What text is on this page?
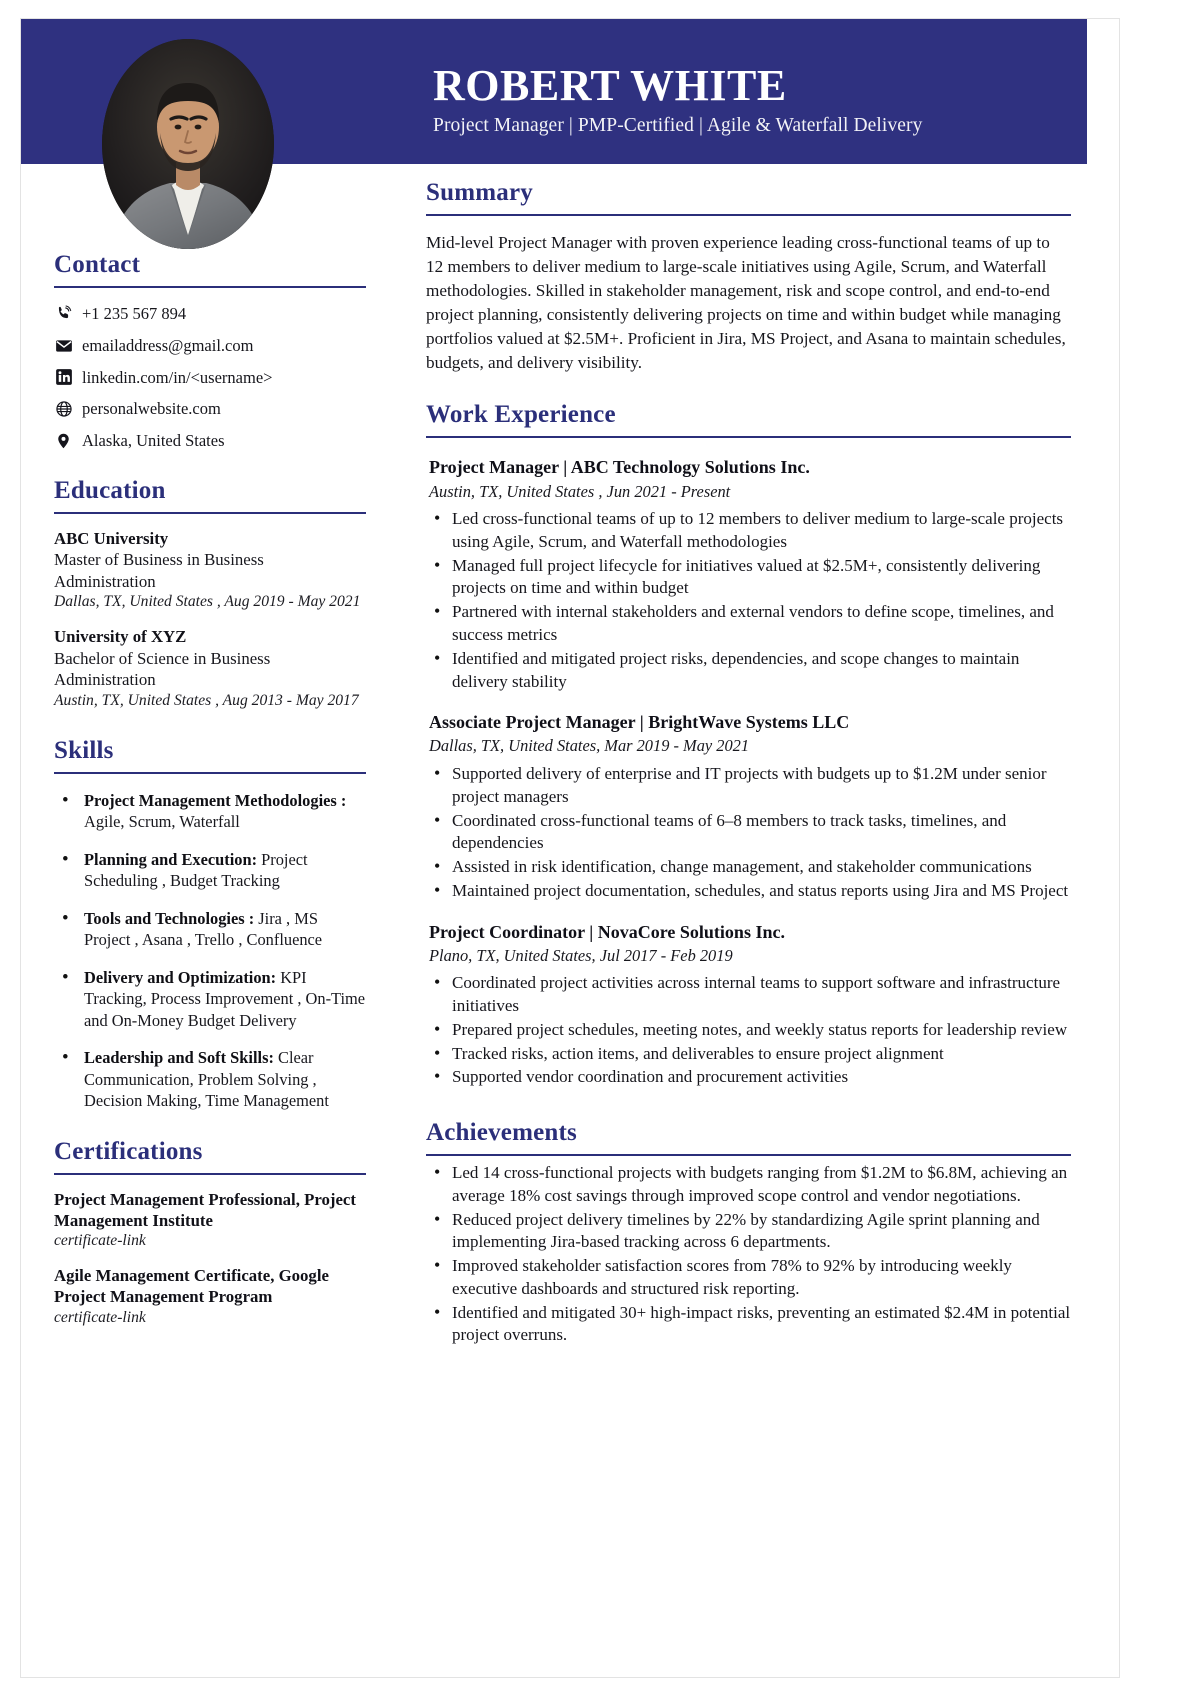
ROBERT WHITE
Project Manager | PMP-Certified | Agile & Waterfall Delivery
Contact
+1 235 567 894
emailaddress@gmail.com
linkedin.com/in/<username>
personalwebsite.com
Alaska, United States
Education
ABC University
Master of Business in Business Administration
Dallas, TX, United States , Aug 2019 - May 2021
University of XYZ
Bachelor of Science in Business Administration
Austin, TX, United States , Aug 2013 - May 2017
Skills
• Project Management Methodologies : Agile, Scrum, Waterfall
• Planning and Execution: Project Scheduling , Budget Tracking
• Tools and Technologies : Jira , MS Project , Asana , Trello , Confluence
• Delivery and Optimization: KPI Tracking, Process Improvement , On-Time and On-Money Budget Delivery
• Leadership and Soft Skills: Clear Communication, Problem Solving , Decision Making, Time Management
Certifications
Project Management Professional, Project Management Institute
certificate-link
Agile Management Certificate, Google Project Management Program
certificate-link
Summary

Mid-level Project Manager with proven experience leading cross-functional teams of up to 12 members to deliver medium to large-scale initiatives using Agile, Scrum, and Waterfall methodologies. Skilled in stakeholder management, risk and scope control, and end-to-end project planning, consistently delivering projects on time and within budget while managing portfolios valued at $2.5M+. Proficient in Jira, MS Project, and Asana to maintain schedules, budgets, and delivery visibility.

Work Experience
Project Manager | ABC Technology Solutions Inc.
Austin, TX, United States , Jun 2021 - Present
• Led cross-functional teams of up to 12 members to deliver medium to large-scale projects using Agile, Scrum, and Waterfall methodologies
• Managed full project lifecycle for initiatives valued at $2.5M+, consistently delivering projects on time and within budget
• Partnered with internal stakeholders and external vendors to define scope, timelines, and success metrics
• Identified and mitigated project risks, dependencies, and scope changes to maintain delivery stability
Associate Project Manager | BrightWave Systems LLC
Dallas, TX, United States, Mar 2019 - May 2021
• Supported delivery of enterprise and IT projects with budgets up to $1.2M under senior project managers
• Coordinated cross-functional teams of 6–8 members to track tasks, timelines, and dependencies
• Assisted in risk identification, change management, and stakeholder communications
• Maintained project documentation, schedules, and status reports using Jira and MS Project
Project Coordinator | NovaCore Solutions Inc.
Plano, TX, United States, Jul 2017 - Feb 2019
• Coordinated project activities across internal teams to support software and infrastructure initiatives
• Prepared project schedules, meeting notes, and weekly status reports for leadership review
• Tracked risks, action items, and deliverables to ensure project alignment
• Supported vendor coordination and procurement activities
Achievements
• Led 14 cross-functional projects with budgets ranging from $1.2M to $6.8M, achieving an average 18% cost savings through improved scope control and vendor negotiations.
• Reduced project delivery timelines by 22% by standardizing Agile sprint planning and implementing Jira-based tracking across 6 departments.
• Improved stakeholder satisfaction scores from 78% to 92% by introducing weekly executive dashboards and structured risk reporting.
• Identified and mitigated 30+ high-impact risks, preventing an estimated $2.4M in potential project overruns.
